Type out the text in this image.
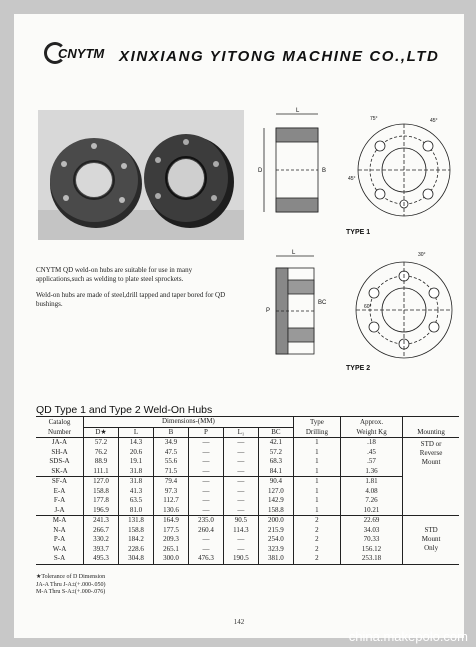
CNYTM XINXIANG YITONG MACHINE CO.,LTD

CNYTM QD weld-on hubs are suitable for use in many applications,such as welding to plate steel sprockets.

Weld-on hubs are made of steel,drill tapped and taper bored for QD bushings.

L
D	B
45°
75°
45°
TYPE 1
L
P
BC
30°
60°
TYPE 2
QD Type 1 and Type 2 Weld-On Hubs
Catalog	Dimensions-(MM)						Type	Approx.	
Number	D★	L	B	P	L₁	BC	Drilling	Weight Kg	Mounting
JA-A	57.2	14.3	34.9	—	—	42.1	1	.18	STD or
Reverse
Mount

SH-A	76.2	20.6	47.5	—	—	57.2	1	.45	
SDS-A	88.9	19.1	55.6	—	—	68.3	1	.57	
SK-A	111.1	31.8	71.5	—	—	84.1	1	1.36	
SF-A	127.0	31.8	79.4	—	—	90.4	1	1.81	
E-A	158.8	41.3	97.3	—	—	127.0	1	4.08	
F-A	177.8	63.5	112.7	—	—	142.9	1	7.26	
J-A	196.9	81.0	130.6	—	—	158.8	1	10.21	
M-A	241.3	131.8	164.9	235.0	90.5	200.0	2	22.69	STD
Mount
Only

N-A	266.7	158.8	177.5	260.4	114.3	215.9	2	34.03	
P-A	330.2	184.2	209.3	—	—	254.0	2	70.33	
W-A	393.7	228.6	265.1	—	—	323.9	2	156.12	
S-A	495.3	304.8	300.0	476.3	190.5	381.0	2	253.18	
★Tolerance of D Dimension
JA-A Thru J-A±(+.000-.050)
M-A Thru S-A±(+.000-.076)
142
china.makepolo.com
